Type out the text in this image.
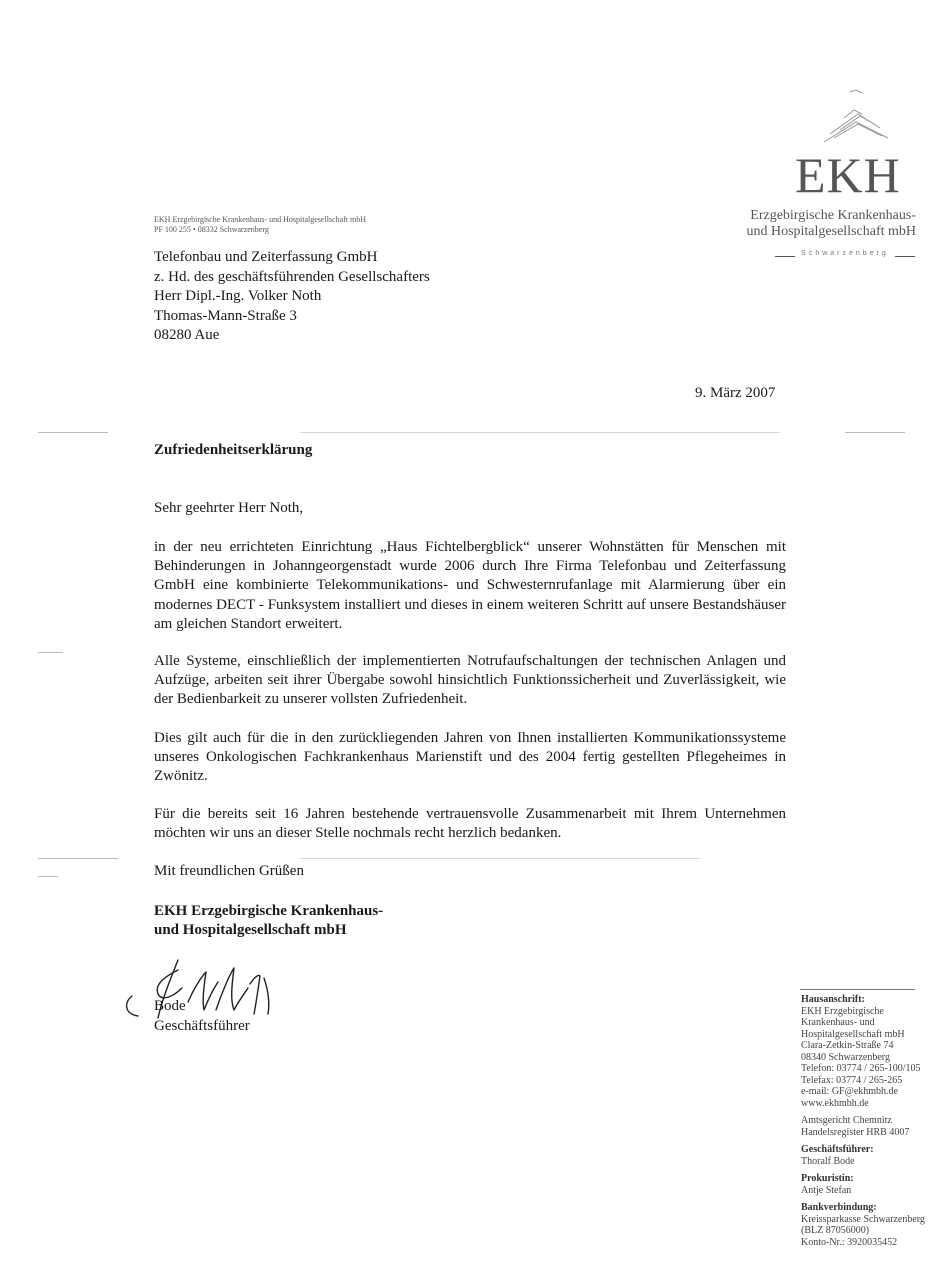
EKH
Erzgebirgische Krankenhaus-
und Hospitalgesellschaft mbH
Schwarzenberg
EKH Erzgebirgische Krankenhaus- und Hospitalgesellschaft mbH
PF 100 255 • 08332 Schwarzenberg
Telefonbau und Zeiterfassung GmbH
z. Hd. des geschäftsführenden Gesellschafters
Herr Dipl.-Ing. Volker Noth
Thomas-Mann-Straße 3
08280 Aue
9. März 2007
Zufriedenheitserklärung
Sehr geehrter Herr Noth,
in der neu errichteten Einrichtung „Haus Fichtelbergblick“ unserer Wohnstätten für Menschen mit Behinderungen in Johanngeorgenstadt wurde 2006 durch Ihre Firma Telefonbau und Zeiterfassung GmbH eine kombinierte Telekommunikations- und Schwesternrufanlage mit Alarmierung über ein modernes DECT - Funksystem installiert und dieses in einem weiteren Schritt auf unsere Bestandshäuser am gleichen Standort erweitert.
Alle Systeme, einschließlich der implementierten Notrufaufschaltungen der technischen Anlagen und Aufzüge, arbeiten seit ihrer Übergabe sowohl hinsichtlich Funktionssicherheit und Zuverlässigkeit, wie der Bedienbarkeit zu unserer vollsten Zufriedenheit.
Dies gilt auch für die in den zurückliegenden Jahren von Ihnen installierten Kommunikationssysteme unseres Onkologischen Fachkrankenhaus Marienstift und des 2004 fertig gestellten Pflegeheimes in Zwönitz.
Für die bereits seit 16 Jahren bestehende vertrauensvolle Zusammenarbeit mit Ihrem Unternehmen möchten wir uns an dieser Stelle nochmals recht herzlich bedanken.
Mit freundlichen Grüßen
EKH Erzgebirgische Krankenhaus-
und Hospitalgesellschaft mbH
Bode
Geschäftsführer
Hausanschrift:
EKH Erzgebirgische
Krankenhaus- und
Hospitalgesellschaft mbH
Clara-Zetkin-Straße 74
08340 Schwarzenberg
Telefon: 03774 / 265-100/105
Telefax: 03774 / 265-265
e-mail: GF@ekhmbh.de
www.ekhmbh.de
Amtsgericht Chemnitz
Handelsregister HRB 4007
Geschäftsführer:
Thoralf Bode
Prokuristin:
Antje Stefan
Bankverbindung:
Kreissparkasse Schwarzenberg
(BLZ 87056000)
Konto-Nr.: 3920035452
